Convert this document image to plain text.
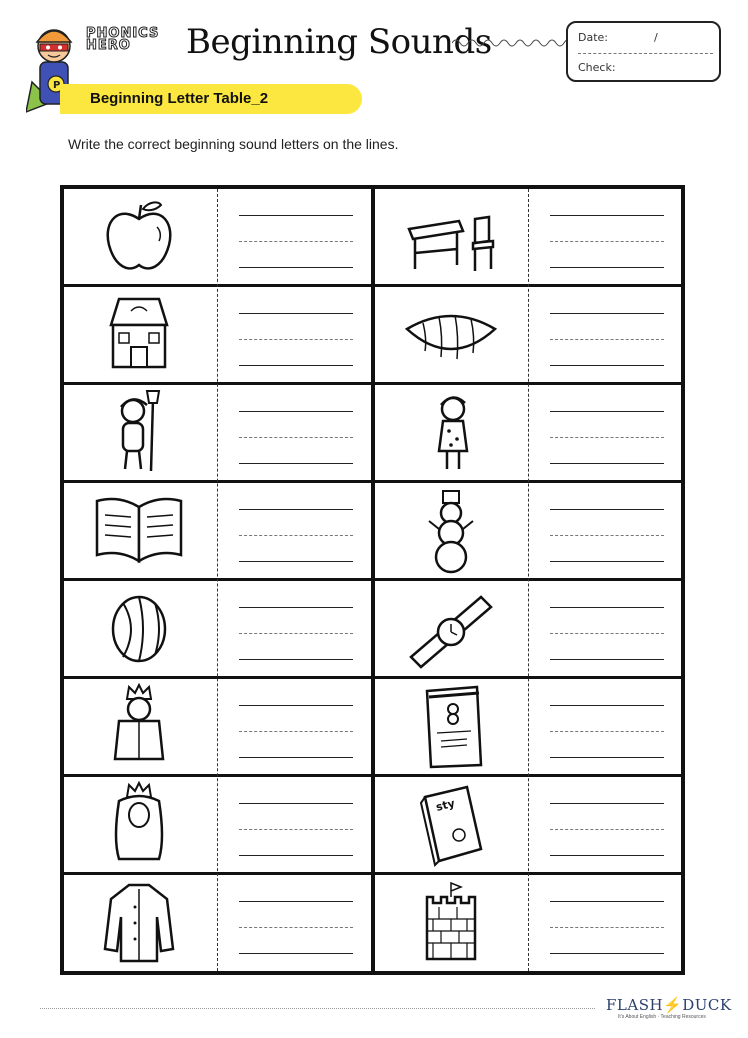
P
PHONICS
HERO	Beginning Sounds	Date:	/
Check:
Beginning Letter Table_2
Write the correct beginning sound letters on the lines.
sty
FLASH⚡DUCK
It's About English · Teaching Resources
